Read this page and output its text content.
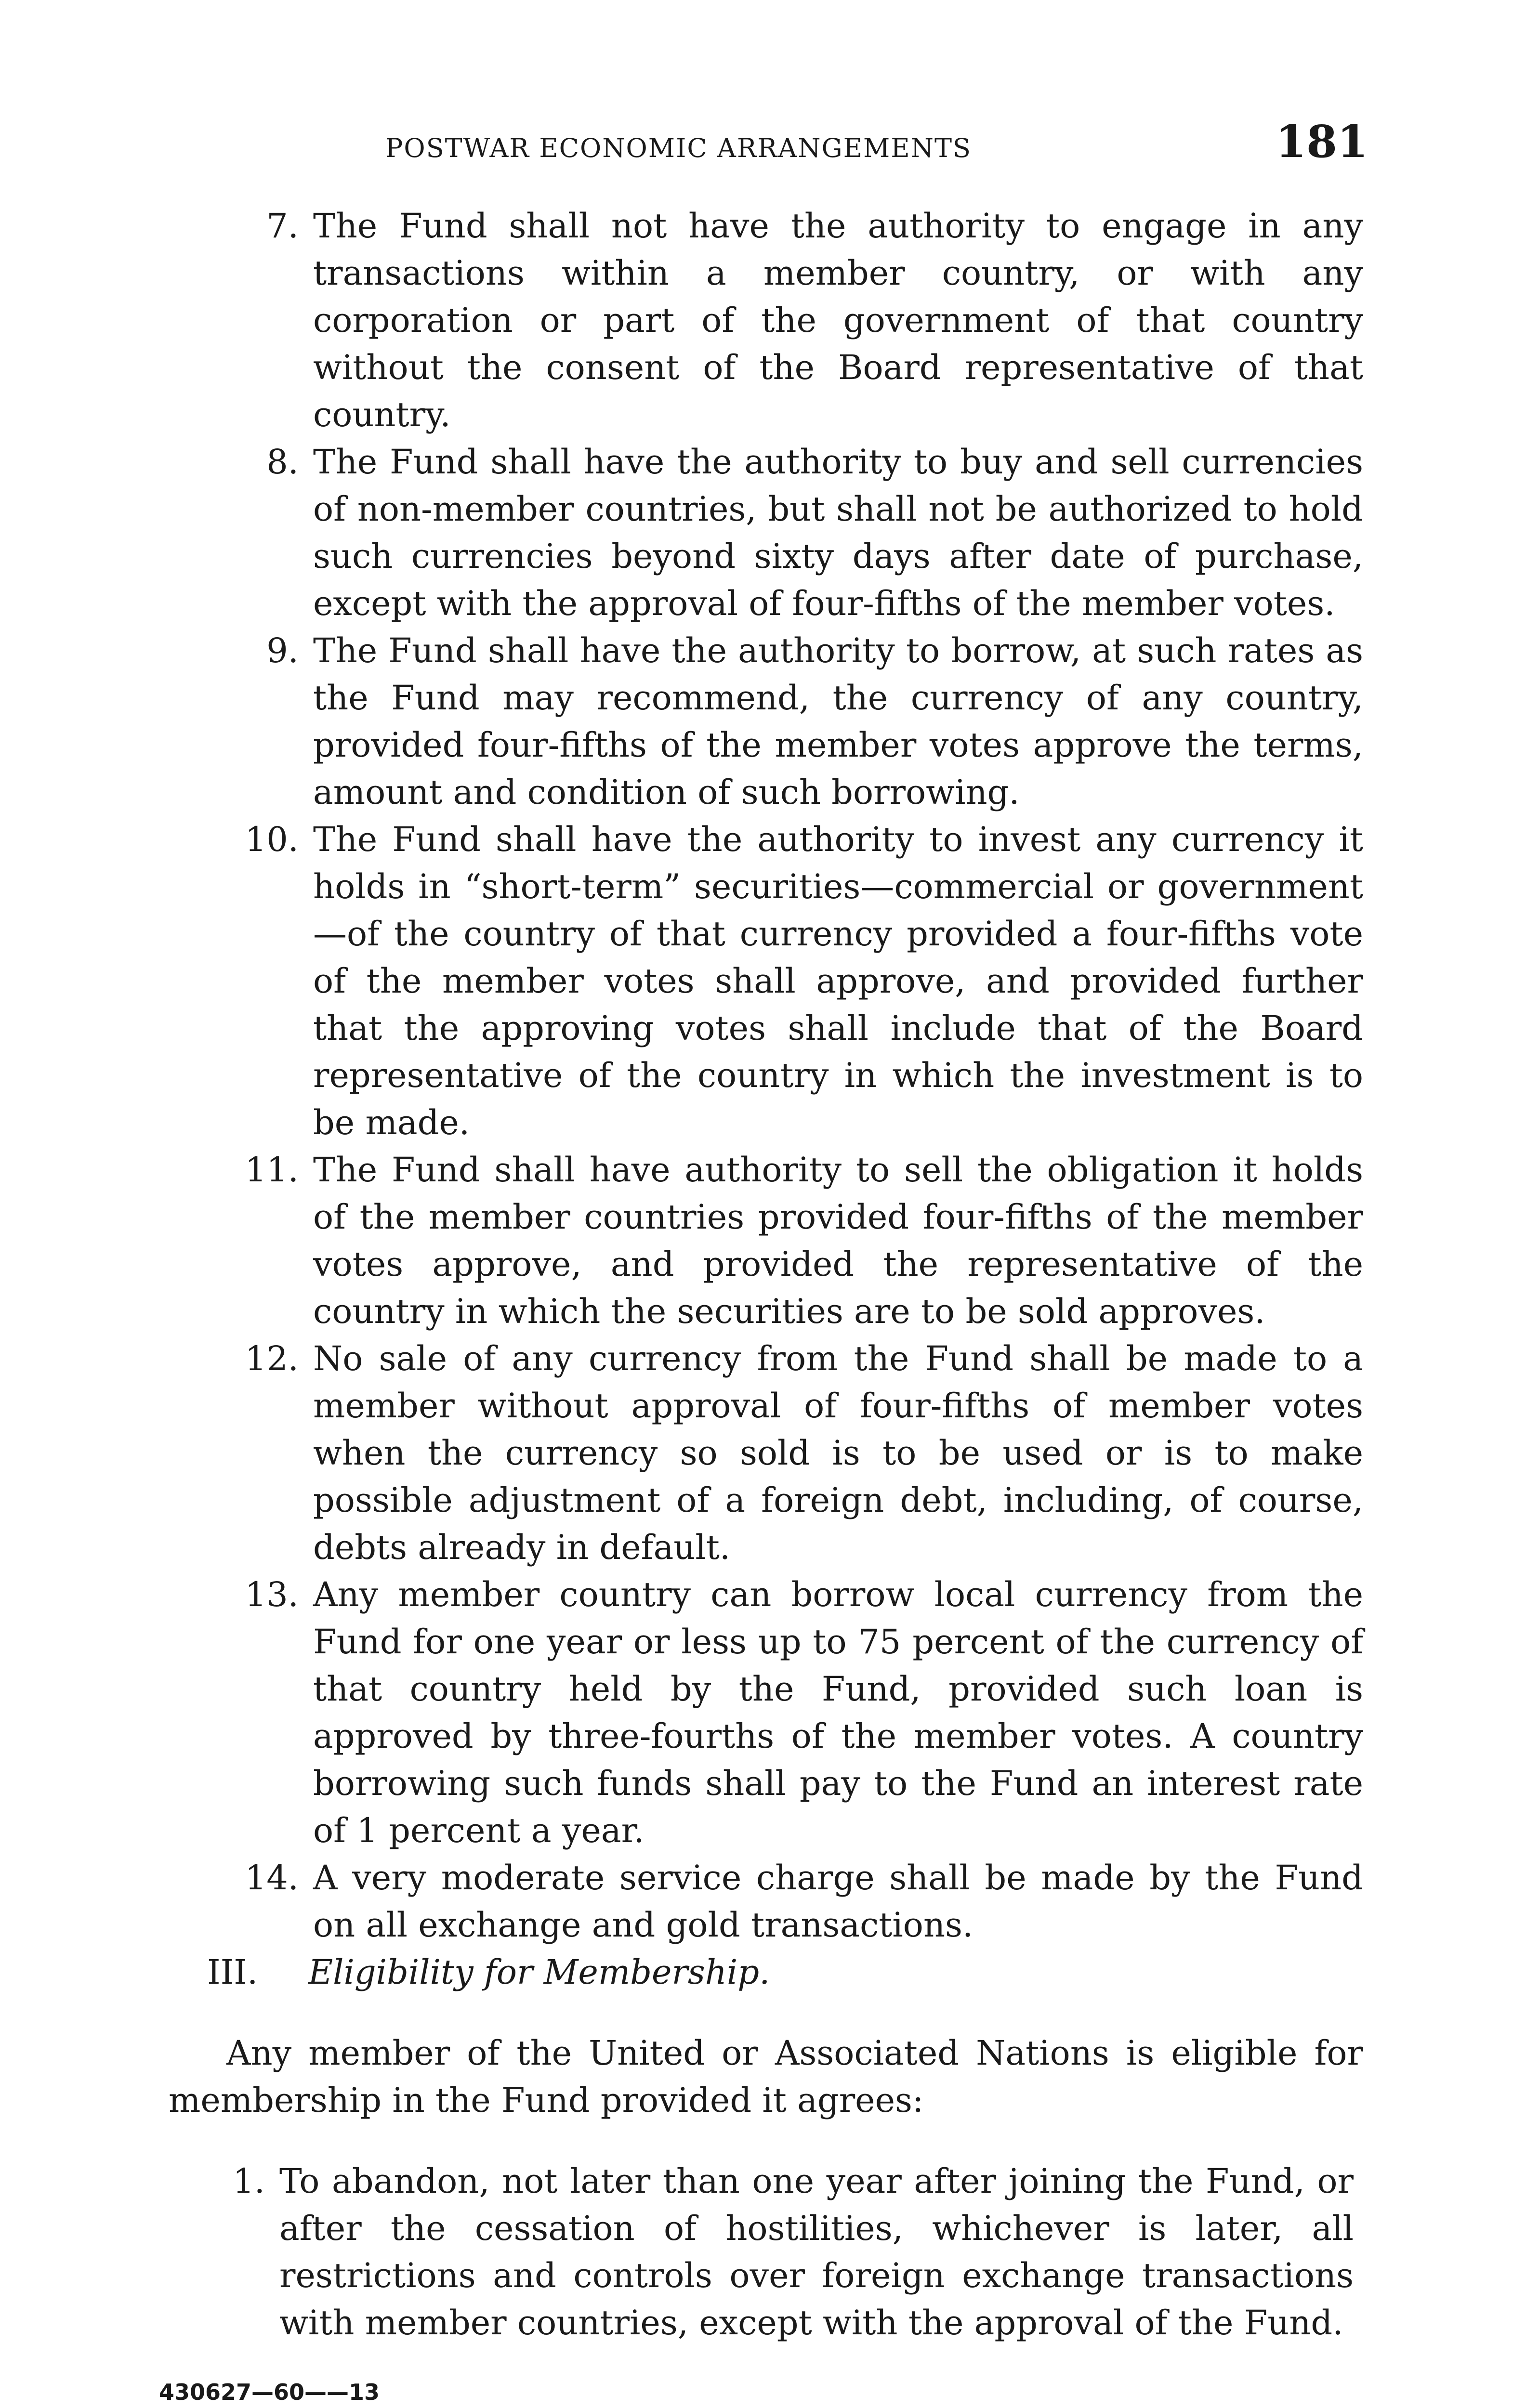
POSTWAR ECONOMIC ARRANGEMENTS	181
7. The Fund shall not have the authority to engage in any transactions within a member country, or with any corporation or part of the government of that country without the consent of the Board representative of that country.

8. The Fund shall have the authority to buy and sell currencies of non-member countries, but shall not be authorized to hold such currencies beyond sixty days after date of purchase, except with the approval of four-fifths of the member votes.

9. The Fund shall have the authority to borrow, at such rates as the Fund may recommend, the currency of any country, provided four-fifths of the member votes approve the terms, amount and condition of such borrowing.

10. The Fund shall have the authority to invest any currency it holds in “short-term” securities—commercial or government—of the country of that currency provided a four-fifths vote of the member votes shall approve, and provided further that the approving votes shall include that of the Board representative of the country in which the investment is to be made.

11. The Fund shall have authority to sell the obligation it holds of the member countries provided four-fifths of the member votes approve, and provided the representative of the country in which the securities are to be sold approves.

12. No sale of any currency from the Fund shall be made to a member without approval of four-fifths of member votes when the currency so sold is to be used or is to make possible adjustment of a foreign debt, including, of course, debts already in default.

13. Any member country can borrow local currency from the Fund for one year or less up to 75 percent of the currency of that country held by the Fund, provided such loan is approved by three-fourths of the member votes. A country borrowing such funds shall pay to the Fund an interest rate of 1 percent a year.

14. A very moderate service charge shall be made by the Fund on all exchange and gold transactions.

III. Eligibility for Membership.

Any member of the United or Associated Nations is eligible for membership in the Fund provided it agrees:

1. To abandon, not later than one year after joining the Fund, or after the cessation of hostilities, whichever is later, all restrictions and controls over foreign exchange transactions with member countries, except with the approval of the Fund.

430627—60——13
